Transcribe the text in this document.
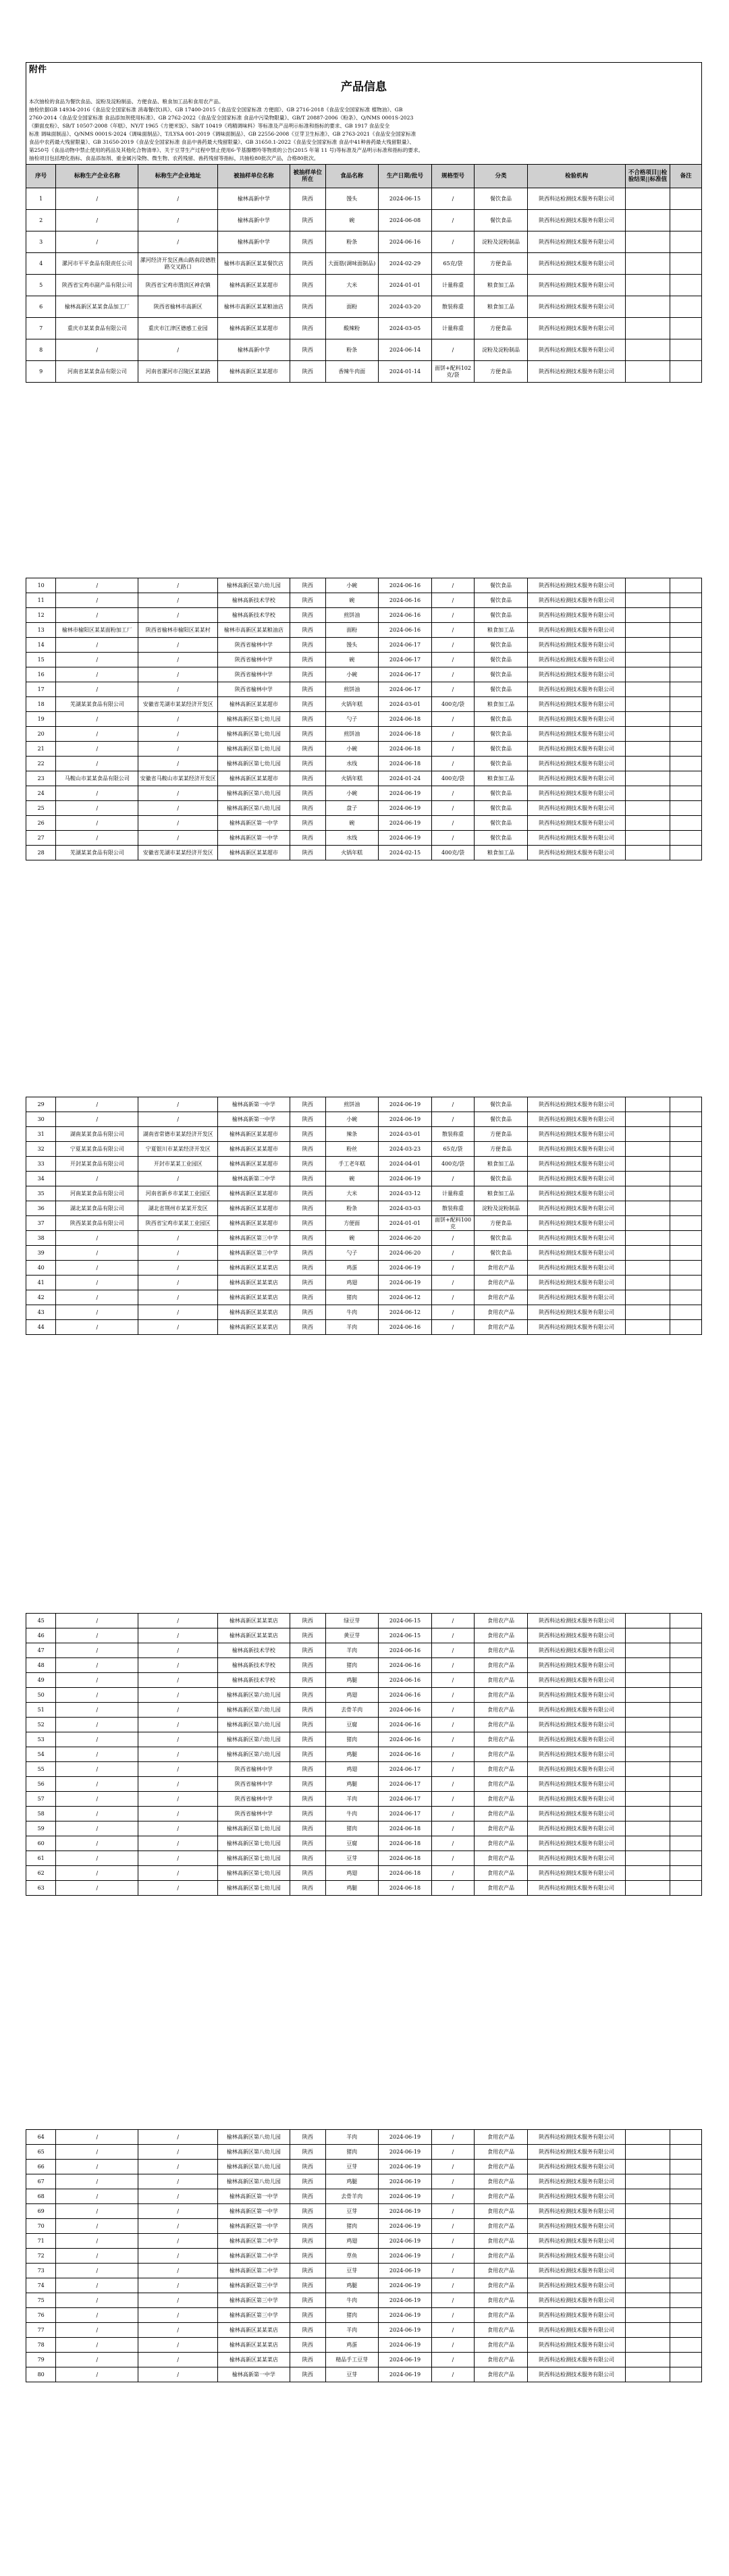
附件
产品信息

本次抽检的食品为餐饮食品、淀粉及淀粉制品、方便食品、粮食加工品和食用农产品。

抽检依据GB 14934-2016《食品安全国家标准 消毒餐(饮)具》、GB 17400-2015《食品安全国家标准 方便面》、GB 2716-2018《食品安全国家标准 植物油》、GB

2760-2014《食品安全国家标准 食品添加剂使用标准》、GB 2762-2022《食品安全国家标准 食品中污染物限量》、GB/T 20887-2006《粉条》、Q/NMS 0001S-2023

《擀面皮粉》、SB/T 10507-2008《年糕》、NY/T 1965《方便米饭》、SB/T 10419《鸡精调味料》等标准及产品明示标准和指标的要求、GB 1917 食品安全

标准 调味面制品》、Q/NMS 0001S-2024《调味面制品》、T/LYSA 001-2019《调味面制品》、GB 22556-2008《豆芽卫生标准》、GB 2763-2021《食品安全国家标准

食品中农药最大残留限量》、GB 31650-2019《食品安全国家标准 食品中兽药最大残留限量》、GB 31650.1-2022《食品安全国家标准 食品中41种兽药最大残留限量》、

第250号《食品动物中禁止使用的药品及其他化合物清单》、关于豆芽生产过程中禁止使用6-苄基腺嘌呤等物质的公告(2015 年第 11 号)等标准及产品明示标准和指标的要求。

抽检项目包括理化指标、食品添加剂、重金属污染物、微生物、农药残留、兽药残留等指标，共抽检80批次产品，合格80批次。

序号	标称生产企业名称	标称生产企业地址	被抽样单位名称	被抽样单位所在	食品名称	生产日期/批号	规格型号	分类	检验机构	不合格项目||检验结果||标准值	备注
1	/	/	榆林高新中学	陕西	馒头	2024-06-15	/	餐饮食品	陕西科达检测技术服务有限公司		
2	/	/	榆林高新中学	陕西	碗	2024-06-08	/	餐饮食品	陕西科达检测技术服务有限公司		
3	/	/	榆林高新中学	陕西	粉条	2024-06-16	/	淀粉及淀粉制品	陕西科达检测技术服务有限公司		
4	漯河市平平食品有限责任公司	漯河经济开发区燕山路南段德胜路交叉路口	榆林市高新区某某餐饮店	陕西	大面筋(调味面制品)	2024-02-29	65克/袋	方便食品	陕西科达检测技术服务有限公司		
5	陕西省宝鸡市副产品有限公司	陕西省宝鸡市渭滨区神农镇	榆林高新区某某超市	陕西	大米	2024-01-01	计量称重	粮食加工品	陕西科达检测技术服务有限公司		
6	榆林高新区某某食品加工厂	陕西省榆林市高新区	榆林市高新区某某粮油店	陕西	面粉	2024-03-20	散装称重	粮食加工品	陕西科达检测技术服务有限公司		
7	重庆市某某食品有限公司	重庆市江津区德感工业园	榆林高新区某某超市	陕西	酸辣粉	2024-03-05	计量称重	方便食品	陕西科达检测技术服务有限公司		
8	/	/	榆林高新中学	陕西	粉条	2024-06-14	/	淀粉及淀粉制品	陕西科达检测技术服务有限公司		
9	河南省某某食品有限公司	河南省漯河市召陵区某某路	榆林高新区某某超市	陕西	香辣牛肉面	2024-01-14	面饼+配料102克/袋	方便食品	陕西科达检测技术服务有限公司		
10	/	/	榆林高新区第六幼儿园	陕西	小碗	2024-06-16	/	餐饮食品	陕西科达检测技术服务有限公司		
11	/	/	榆林高新技术学校	陕西	碗	2024-06-16	/	餐饮食品	陕西科达检测技术服务有限公司		
12	/	/	榆林高新技术学校	陕西	煎饼油	2024-06-16	/	餐饮食品	陕西科达检测技术服务有限公司		
13	榆林市榆阳区某某面粉加工厂	陕西省榆林市榆阳区某某村	榆林市高新区某某粮油店	陕西	面粉	2024-06-16	/	粮食加工品	陕西科达检测技术服务有限公司		
14	/	/	陕西省榆林中学	陕西	馒头	2024-06-17	/	餐饮食品	陕西科达检测技术服务有限公司		
15	/	/	陕西省榆林中学	陕西	碗	2024-06-17	/	餐饮食品	陕西科达检测技术服务有限公司		
16	/	/	陕西省榆林中学	陕西	小碗	2024-06-17	/	餐饮食品	陕西科达检测技术服务有限公司		
17	/	/	陕西省榆林中学	陕西	煎饼油	2024-06-17	/	餐饮食品	陕西科达检测技术服务有限公司		
18	芜湖某某食品有限公司	安徽省芜湖市某某经济开发区	榆林高新区某某超市	陕西	火锅年糕	2024-03-01	400克/袋	粮食加工品	陕西科达检测技术服务有限公司		
19	/	/	榆林高新区第七幼儿园	陕西	勺子	2024-06-18	/	餐饮食品	陕西科达检测技术服务有限公司		
20	/	/	榆林高新区第七幼儿园	陕西	煎饼油	2024-06-18	/	餐饮食品	陕西科达检测技术服务有限公司		
21	/	/	榆林高新区第七幼儿园	陕西	小碗	2024-06-18	/	餐饮食品	陕西科达检测技术服务有限公司		
22	/	/	榆林高新区第七幼儿园	陕西	水线	2024-06-18	/	餐饮食品	陕西科达检测技术服务有限公司		
23	马鞍山市某某食品有限公司	安徽省马鞍山市某某经济开发区	榆林高新区某某超市	陕西	火锅年糕	2024-01-24	400克/袋	粮食加工品	陕西科达检测技术服务有限公司		
24	/	/	榆林高新区第八幼儿园	陕西	小碗	2024-06-19	/	餐饮食品	陕西科达检测技术服务有限公司		
25	/	/	榆林高新区第八幼儿园	陕西	盘子	2024-06-19	/	餐饮食品	陕西科达检测技术服务有限公司		
26	/	/	榆林高新区第一中学	陕西	碗	2024-06-19	/	餐饮食品	陕西科达检测技术服务有限公司		
27	/	/	榆林高新区第一中学	陕西	水线	2024-06-19	/	餐饮食品	陕西科达检测技术服务有限公司		
28	芜湖某某食品有限公司	安徽省芜湖市某某经济开发区	榆林高新区某某超市	陕西	火锅年糕	2024-02-15	400克/袋	粮食加工品	陕西科达检测技术服务有限公司		
29	/	/	榆林高新第一中学	陕西	煎饼油	2024-06-19	/	餐饮食品	陕西科达检测技术服务有限公司		
30	/	/	榆林高新第一中学	陕西	小碗	2024-06-19	/	餐饮食品	陕西科达检测技术服务有限公司		
31	湖南某某食品有限公司	湖南省常德市某某经济开发区	榆林高新区某某超市	陕西	辣条	2024-03-01	散装称重	方便食品	陕西科达检测技术服务有限公司		
32	宁夏某某食品有限公司	宁夏银川市某某经济开发区	榆林高新区某某超市	陕西	粉丝	2024-03-23	65克/袋	方便食品	陕西科达检测技术服务有限公司		
33	开封某某食品有限公司	开封市某某工业园区	榆林高新区某某超市	陕西	手工老年糕	2024-04-01	400克/袋	粮食加工品	陕西科达检测技术服务有限公司		
34	/	/	榆林高新第二中学	陕西	碗	2024-06-19	/	餐饮食品	陕西科达检测技术服务有限公司		
35	河南某某食品有限公司	河南省新乡市某某工业园区	榆林高新区某某超市	陕西	大米	2024-03-12	计量称重	粮食加工品	陕西科达检测技术服务有限公司		
36	湖北某某食品有限公司	湖北省荆州市某某开发区	榆林高新区某某超市	陕西	粉条	2024-03-03	散装称重	淀粉及淀粉制品	陕西科达检测技术服务有限公司		
37	陕西某某食品有限公司	陕西省宝鸡市某某工业园区	榆林高新区某某超市	陕西	方便面	2024-01-01	面饼+配料100克	方便食品	陕西科达检测技术服务有限公司		
38	/	/	榆林高新区第三中学	陕西	碗	2024-06-20	/	餐饮食品	陕西科达检测技术服务有限公司		
39	/	/	榆林高新区第三中学	陕西	勺子	2024-06-20	/	餐饮食品	陕西科达检测技术服务有限公司		
40	/	/	榆林高新区某某菜店	陕西	鸡蛋	2024-06-19	/	食用农产品	陕西科达检测技术服务有限公司		
41	/	/	榆林高新区某某菜店	陕西	鸡翅	2024-06-19	/	食用农产品	陕西科达检测技术服务有限公司		
42	/	/	榆林高新区某某菜店	陕西	猪肉	2024-06-12	/	食用农产品	陕西科达检测技术服务有限公司		
43	/	/	榆林高新区某某菜店	陕西	牛肉	2024-06-12	/	食用农产品	陕西科达检测技术服务有限公司		
44	/	/	榆林高新区某某菜店	陕西	羊肉	2024-06-16	/	食用农产品	陕西科达检测技术服务有限公司		
45	/	/	榆林高新区某某菜店	陕西	绿豆芽	2024-06-15	/	食用农产品	陕西科达检测技术服务有限公司		
46	/	/	榆林高新区某某菜店	陕西	黄豆芽	2024-06-15	/	食用农产品	陕西科达检测技术服务有限公司		
47	/	/	榆林高新技术学校	陕西	羊肉	2024-06-16	/	食用农产品	陕西科达检测技术服务有限公司		
48	/	/	榆林高新技术学校	陕西	猪肉	2024-06-16	/	食用农产品	陕西科达检测技术服务有限公司		
49	/	/	榆林高新技术学校	陕西	鸡腿	2024-06-16	/	食用农产品	陕西科达检测技术服务有限公司		
50	/	/	榆林高新区第六幼儿园	陕西	鸡翅	2024-06-16	/	食用农产品	陕西科达检测技术服务有限公司		
51	/	/	榆林高新区第六幼儿园	陕西	去骨羊肉	2024-06-16	/	食用农产品	陕西科达检测技术服务有限公司		
52	/	/	榆林高新区第六幼儿园	陕西	豆腐	2024-06-16	/	食用农产品	陕西科达检测技术服务有限公司		
53	/	/	榆林高新区第六幼儿园	陕西	猪肉	2024-06-16	/	食用农产品	陕西科达检测技术服务有限公司		
54	/	/	榆林高新区第六幼儿园	陕西	鸡腿	2024-06-16	/	食用农产品	陕西科达检测技术服务有限公司		
55	/	/	陕西省榆林中学	陕西	鸡翅	2024-06-17	/	食用农产品	陕西科达检测技术服务有限公司		
56	/	/	陕西省榆林中学	陕西	鸡腿	2024-06-17	/	食用农产品	陕西科达检测技术服务有限公司		
57	/	/	陕西省榆林中学	陕西	羊肉	2024-06-17	/	食用农产品	陕西科达检测技术服务有限公司		
58	/	/	陕西省榆林中学	陕西	牛肉	2024-06-17	/	食用农产品	陕西科达检测技术服务有限公司		
59	/	/	榆林高新区第七幼儿园	陕西	猪肉	2024-06-18	/	食用农产品	陕西科达检测技术服务有限公司		
60	/	/	榆林高新区第七幼儿园	陕西	豆腐	2024-06-18	/	食用农产品	陕西科达检测技术服务有限公司		
61	/	/	榆林高新区第七幼儿园	陕西	豆芽	2024-06-18	/	食用农产品	陕西科达检测技术服务有限公司		
62	/	/	榆林高新区第七幼儿园	陕西	鸡翅	2024-06-18	/	食用农产品	陕西科达检测技术服务有限公司		
63	/	/	榆林高新区第七幼儿园	陕西	鸡腿	2024-06-18	/	食用农产品	陕西科达检测技术服务有限公司		
64	/	/	榆林高新区第八幼儿园	陕西	羊肉	2024-06-19	/	食用农产品	陕西科达检测技术服务有限公司		
65	/	/	榆林高新区第八幼儿园	陕西	猪肉	2024-06-19	/	食用农产品	陕西科达检测技术服务有限公司		
66	/	/	榆林高新区第八幼儿园	陕西	豆芽	2024-06-19	/	食用农产品	陕西科达检测技术服务有限公司		
67	/	/	榆林高新区第八幼儿园	陕西	鸡腿	2024-06-19	/	食用农产品	陕西科达检测技术服务有限公司		
68	/	/	榆林高新区第一中学	陕西	去骨羊肉	2024-06-19	/	食用农产品	陕西科达检测技术服务有限公司		
69	/	/	榆林高新区第一中学	陕西	豆芽	2024-06-19	/	食用农产品	陕西科达检测技术服务有限公司		
70	/	/	榆林高新区第一中学	陕西	猪肉	2024-06-19	/	食用农产品	陕西科达检测技术服务有限公司		
71	/	/	榆林高新区第二中学	陕西	鸡翅	2024-06-19	/	食用农产品	陕西科达检测技术服务有限公司		
72	/	/	榆林高新区第二中学	陕西	草鱼	2024-06-19	/	食用农产品	陕西科达检测技术服务有限公司		
73	/	/	榆林高新区第二中学	陕西	豆芽	2024-06-19	/	食用农产品	陕西科达检测技术服务有限公司		
74	/	/	榆林高新区第三中学	陕西	鸡腿	2024-06-19	/	食用农产品	陕西科达检测技术服务有限公司		
75	/	/	榆林高新区第三中学	陕西	牛肉	2024-06-19	/	食用农产品	陕西科达检测技术服务有限公司		
76	/	/	榆林高新区第三中学	陕西	猪肉	2024-06-19	/	食用农产品	陕西科达检测技术服务有限公司		
77	/	/	榆林高新区某某菜店	陕西	羊肉	2024-06-19	/	食用农产品	陕西科达检测技术服务有限公司		
78	/	/	榆林高新区某某菜店	陕西	鸡蛋	2024-06-19	/	食用农产品	陕西科达检测技术服务有限公司		
79	/	/	榆林高新区某某菜店	陕西	精品手工豆芽	2024-06-19	/	食用农产品	陕西科达检测技术服务有限公司		
80	/	/	榆林高新第一中学	陕西	豆芽	2024-06-19	/	食用农产品	陕西科达检测技术服务有限公司		
